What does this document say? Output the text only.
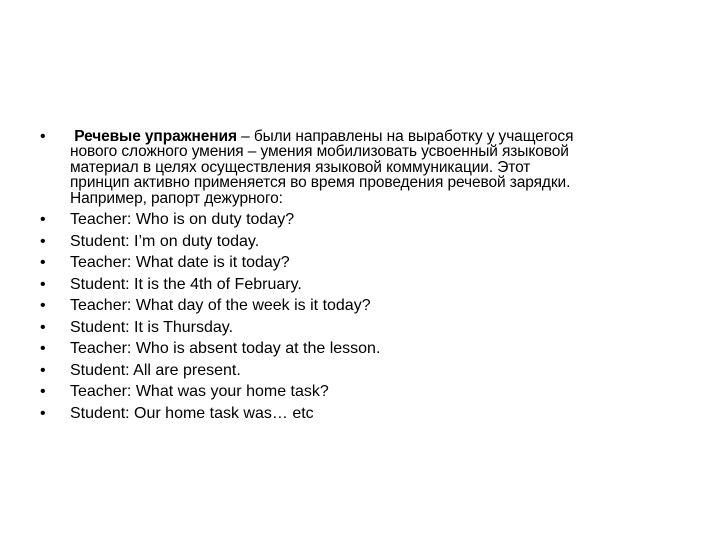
•	Речевые упражнения – были направлены на выработку у учащегося
нового сложного умения – умения мобилизовать усвоенный языковой
материал в целях осуществления языковой коммуникации. Этот
принцип активно применяется во время проведения речевой зарядки.
Например, рапорт дежурного:
•	Teacher: Who is on duty today?
•	Student: I’m on duty today.
•	Teacher: What date is it today?
•	Student: It is the 4th of February.
•	Teacher: What day of the week is it today?
•	Student: It is Thursday.
•	Teacher: Who is absent today at the lesson.
•	Student: All are present.
•	Teacher: What was your home task?
•	Student: Our home task was… etc
